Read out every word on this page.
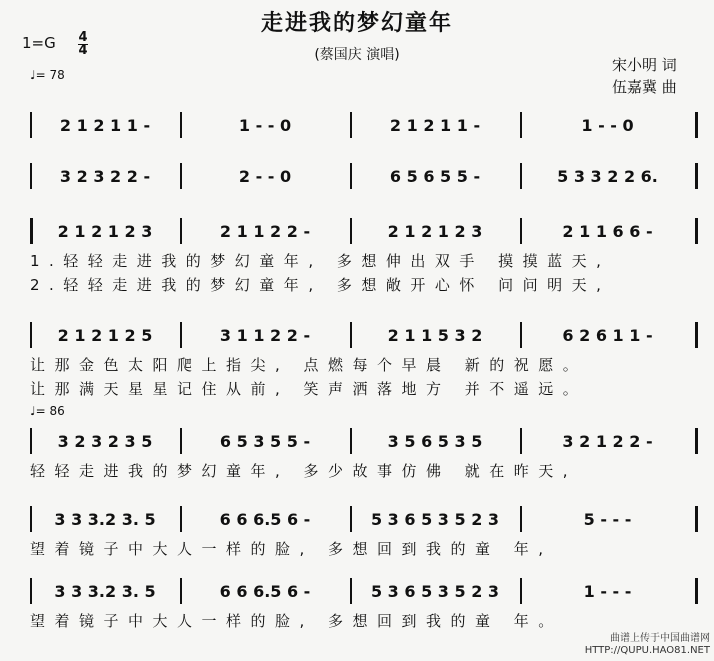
走进我的梦幻童年
(蔡国庆 演唱)
1=G 4
4
♩= 78
宋小明 词
伍嘉冀 曲
2 1 2 1 1 -	1 - - 0	2 1 2 1 1 -	1 - - 0
3 2 3 2 2 -	2 - - 0	6 5 6 5 5 -	5 3 3 2 2 6.
2 1 2 1 2 3	2 1 1 2 2 -	2 1 2 1 2 3	2 1 1 6 6 -
1.轻轻走进我的梦幻童年, 多想伸出双手 摸摸蓝天,
2.轻轻走进我的梦幻童年, 多想敞开心怀 问问明天,
2 1 2 1 2 5	3 1 1 2 2 -	2 1 1 5 3 2	6 2 6 1 1 -
让那金色太阳爬上指尖, 点燃每个早晨 新的祝愿。
让那满天星星记住从前, 笑声洒落地方 并不遥远。
3 2 3 2 3 5	6 5 3 5 5 -	3 5 6 5 3 5	3 2 1 2 2 -
轻轻走进我的梦幻童年, 多少故事仿佛 就在昨天,
3 3 3.2 3. 5	6 6 6.5 6 -	5 3 6 5 3 5 2 3	5 - - -
望着镜子中大人一样的脸, 多想回到我的童 年,
3 3 3.2 3. 5	6 6 6.5 6 -	5 3 6 5 3 5 2 3	1 - - -
望着镜子中大人一样的脸, 多想回到我的童 年。
♩= 86
曲谱上传于中国曲谱网
HTTP://QUPU.HAO81.NET
